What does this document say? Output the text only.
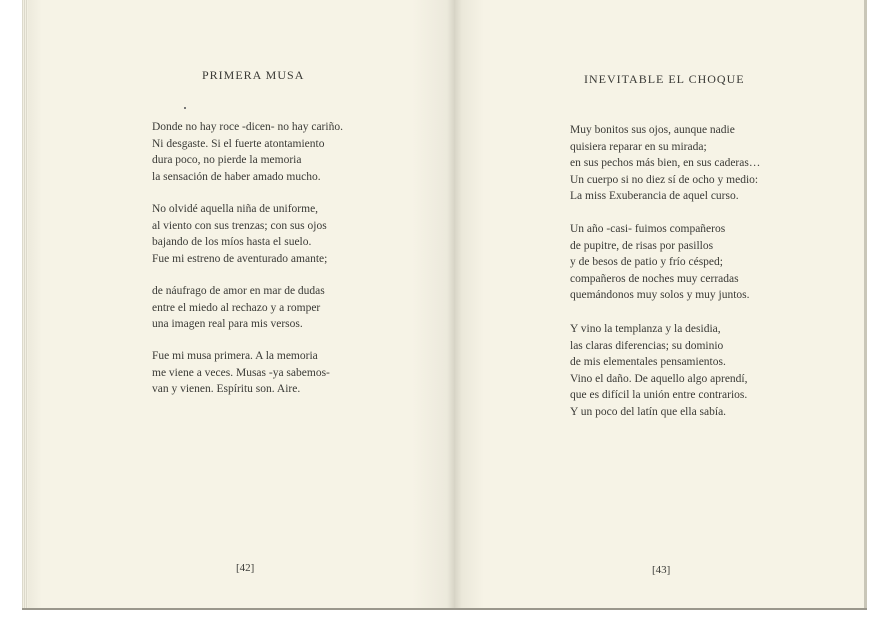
PRIMERA MUSA
Donde no hay roce -dicen- no hay cariño.
Ni desgaste. Si el fuerte atontamiento
dura poco, no pierde la memoria
la sensación de haber amado mucho.
No olvidé aquella niña de uniforme,
al viento con sus trenzas; con sus ojos
bajando de los míos hasta el suelo.
Fue mi estreno de aventurado amante;
de náufrago de amor en mar de dudas
entre el miedo al rechazo y a romper
una imagen real para mis versos.
Fue mi musa primera. A la memoria
me viene a veces. Musas -ya sabemos-
van y vienen. Espíritu son. Aire.
[42]
INEVITABLE EL CHOQUE
Muy bonitos sus ojos, aunque nadie
quisiera reparar en su mirada;
en sus pechos más bien, en sus caderas…
Un cuerpo si no diez sí de ocho y medio:
La miss Exuberancia de aquel curso.
Un año -casi- fuimos compañeros
de pupitre, de risas por pasillos
y de besos de patio y frío césped;
compañeros de noches muy cerradas
quemándonos muy solos y muy juntos.
Y vino la templanza y la desidia,
las claras diferencias; su dominio
de mis elementales pensamientos.
Vino el daño. De aquello algo aprendí,
que es difícil la unión entre contrarios.
Y un poco del latín que ella sabía.
[43]
